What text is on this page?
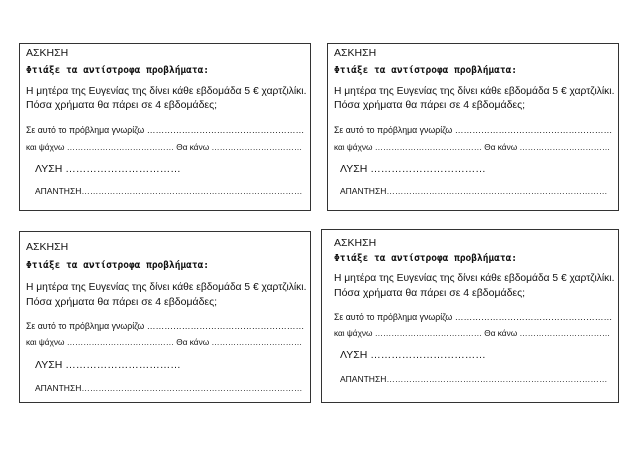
ΑΣΚΗΣΗ
Φτιάξε τα αντίστροφα προβλήματα:
Η μητέρα της Ευγενίας της δίνει κάθε εβδομάδα 5 € χαρτζιλίκι.
Πόσα χρήματα θα πάρει σε 4 εβδομάδες;
Σε αυτό το πρόβλημα γνωρίζω ………………………………………………
και ψάχνω ………………………………… Θα κάνω ……………………………
ΛΥΣΗ ……………………………
ΑΠΑΝΤΗΣΗ……………………………………………………………………
ΑΣΚΗΣΗ
Φτιάξε τα αντίστροφα προβλήματα:
Η μητέρα της Ευγενίας της δίνει κάθε εβδομάδα 5 € χαρτζιλίκι.
Πόσα χρήματα θα πάρει σε 4 εβδομάδες;
Σε αυτό το πρόβλημα γνωρίζω ………………………………………………
και ψάχνω ………………………………… Θα κάνω ……………………………
ΛΥΣΗ ……………………………
ΑΠΑΝΤΗΣΗ……………………………………………………………………
ΑΣΚΗΣΗ
Φτιάξε τα αντίστροφα προβλήματα:
Η μητέρα της Ευγενίας της δίνει κάθε εβδομάδα 5 € χαρτζιλίκι.
Πόσα χρήματα θα πάρει σε 4 εβδομάδες;
Σε αυτό το πρόβλημα γνωρίζω ………………………………………………
και ψάχνω ………………………………… Θα κάνω ……………………………
ΛΥΣΗ ……………………………
ΑΠΑΝΤΗΣΗ……………………………………………………………………
ΑΣΚΗΣΗ
Φτιάξε τα αντίστροφα προβλήματα:
Η μητέρα της Ευγενίας της δίνει κάθε εβδομάδα 5 € χαρτζιλίκι.
Πόσα χρήματα θα πάρει σε 4 εβδομάδες;
Σε αυτό το πρόβλημα γνωρίζω ………………………………………………
και ψάχνω ………………………………… Θα κάνω ……………………………
ΛΥΣΗ ……………………………
ΑΠΑΝΤΗΣΗ……………………………………………………………………
